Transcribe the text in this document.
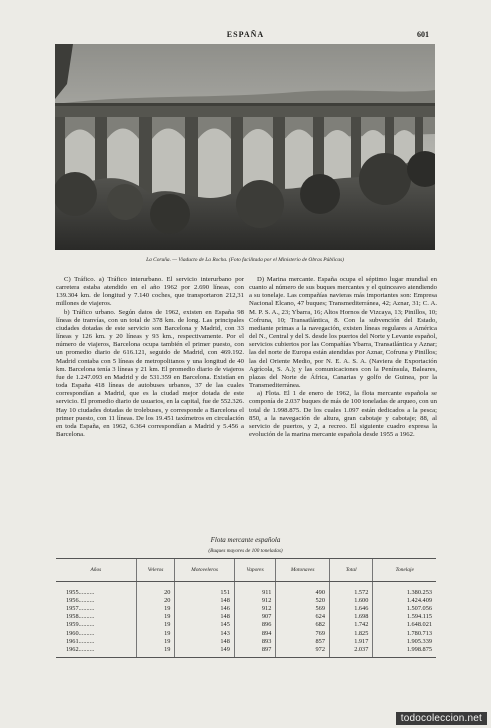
ESPAÑA	601
La Coruña. — Viaducto de La Rocha. (Foto facilitada por el Ministerio de Obras Públicas)

C) Tráfico. a) Tráfico interurbano. El servicio interurbano por carretera estaba atendido en el año 1962 por 2.690 líneas, con 139.304 km. de longitud y 7.140 coches, que transportaron 212,31 millones de viajeros.

b) Tráfico urbano. Según datos de 1962, existen en España 98 líneas de tranvías, con un total de 378 km. de long. Las principales ciudades dotadas de este servicio son Barcelona y Madrid, con 33 líneas y 126 km. y 20 líneas y 93 km., respectivamente. Por el número de viajeros, Barcelona ocupa también el primer puesto, con un promedio diario de 616.121, seguido de Madrid, con 469.192. Madrid contaba con 5 líneas de metropolitanos y una longitud de 40 km. Barcelona tenía 3 líneas y 21 km. El promedio diario de viajeros fue de 1.247.093 en Madrid y de 531.359 en Barcelona. Existían en toda España 418 líneas de autobuses urbanos, 37 de las cuales correspondían a Madrid, que es la ciudad mejor dotada de este servicio. El promedio diario de usuarios, en la capital, fue de 552.326. Hay 10 ciudades dotadas de trolebuses, y corresponde a Barcelona el primer puesto, con 11 líneas. De los 19.451 taxímetros en circulación en toda España, en 1962, 6.364 correspondían a Madrid y 5.456 a Barcelona.

D) Marina mercante. España ocupa el séptimo lugar mundial en cuanto al número de sus buques mercantes y el quinceavo atendiendo a su tonelaje. Las compañías navieras más importantes son: Empresa Nacional Elcano, 47 buques; Transmediterránea, 42; Aznar, 31; C. A. M. P. S. A., 23; Ybarra, 16; Altos Hornos de Vizcaya, 13; Pinillos, 10; Cofruna, 10; Transatlántica, 8. Con la subvención del Estado, mediante primas a la navegación, existen líneas regulares a América del N., Central y del S. desde los puertos del Norte y Levante español, servicios cubiertos por las Compañías Ybarra, Transatlántica y Aznar; las del norte de Europa están atendidas por Aznar, Cofruna y Pinillos; las del Oriente Medio, por N. E. A. S. A. (Naviera de Exportación Agrícola, S. A.); y las comunicaciones con la Península, Baleares, plazas del Norte de África, Canarias y golfo de Guinea, por la Transmediterránea.

a) Flota. El 1 de enero de 1962, la flota mercante española se componía de 2.037 buques de más de 100 toneladas de arqueo, con un total de 1.998.875. De los cuales 1.097 están dedicados a la pesca; 850, a la navegación de altura, gran cabotaje y cabotaje; 88, al servicio de puertos, y 2, a recreo. El siguiente cuadro expresa la evolución de la marina mercante española desde 1955 a 1962.

Flota mercante española
(Buques mayores de 100 toneladas)
Años	Veleros	Motoveleros	Vapores	Motonaves	Total	Tonelaje
1955..........	20	151	911	490	1.572	1.380.253
1956..........	20	148	912	520	1.600	1.424.409
1957..........	19	146	912	569	1.646	1.507.056
1958..........	19	148	907	624	1.698	1.594.115
1959..........	19	145	896	682	1.742	1.648.021
1960..........	19	143	894	769	1.825	1.780.713
1961..........	19	148	893	857	1.917	1.905.339
1962..........	19	149	897	972	2.037	1.998.875
todocoleccion.net
